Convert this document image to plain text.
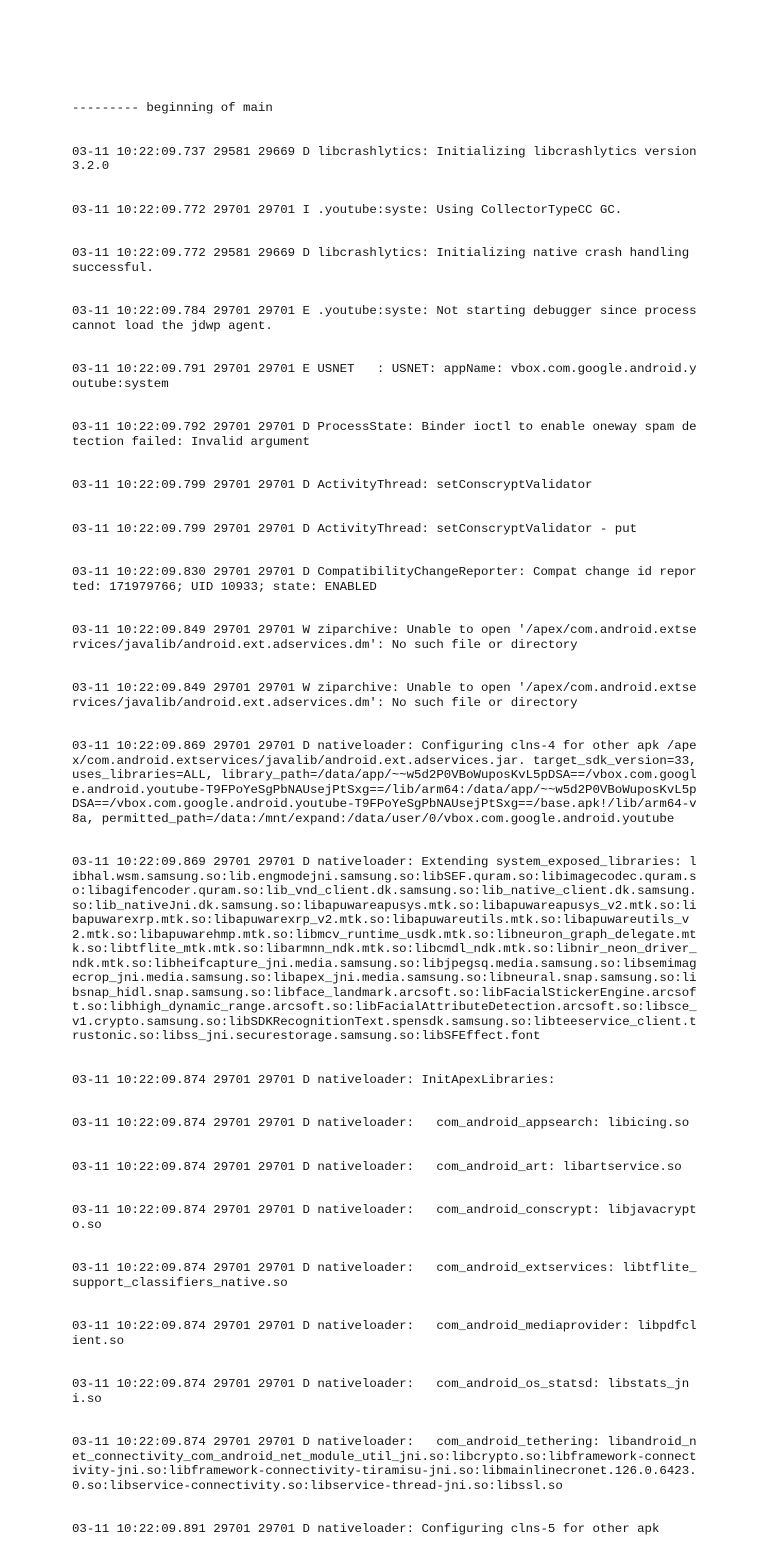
--------- beginning of main

03-11 10:22:09.737 29581 29669 D libcrashlytics: Initializing libcrashlytics version 3.2.0

03-11 10:22:09.772 29701 29701 I .youtube:syste: Using CollectorTypeCC GC.

03-11 10:22:09.772 29581 29669 D libcrashlytics: Initializing native crash handling successful.

03-11 10:22:09.784 29701 29701 E .youtube:syste: Not starting debugger since process cannot load the jdwp agent.

03-11 10:22:09.791 29701 29701 E USNET   : USNET: appName: vbox.com.google.android.youtube:system

03-11 10:22:09.792 29701 29701 D ProcessState: Binder ioctl to enable oneway spam detection failed: Invalid argument

03-11 10:22:09.799 29701 29701 D ActivityThread: setConscryptValidator

03-11 10:22:09.799 29701 29701 D ActivityThread: setConscryptValidator - put

03-11 10:22:09.830 29701 29701 D CompatibilityChangeReporter: Compat change id reported: 171979766; UID 10933; state: ENABLED

03-11 10:22:09.849 29701 29701 W ziparchive: Unable to open '/apex/com.android.extservices/javalib/android.ext.adservices.dm': No such file or directory

03-11 10:22:09.849 29701 29701 W ziparchive: Unable to open '/apex/com.android.extservices/javalib/android.ext.adservices.dm': No such file or directory

03-11 10:22:09.869 29701 29701 D nativeloader: Configuring clns-4 for other apk /apex/com.android.extservices/javalib/android.ext.adservices.jar. target_sdk_version=33, uses_libraries=ALL, library_path=/data/app/~~w5d2P0VBoWuposKvL5pDSA==/vbox.com.google.android.youtube-T9FPoYeSgPbNAUsejPtSxg==/lib/arm64:/data/app/~~w5d2P0VBoWuposKvL5pDSA==/vbox.com.google.android.youtube-T9FPoYeSgPbNAUsejPtSxg==/base.apk!/lib/arm64-v8a, permitted_path=/data:/mnt/expand:/data/user/0/vbox.com.google.android.youtube

03-11 10:22:09.869 29701 29701 D nativeloader: Extending system_exposed_libraries: libhal.wsm.samsung.so:lib.engmodejni.samsung.so:libSEF.quram.so:libimagecodec.quram.so:libagifencoder.quram.so:lib_vnd_client.dk.samsung.so:lib_native_client.dk.samsung.so:lib_nativeJni.dk.samsung.so:libapuwareapusys.mtk.so:libapuwareapusys_v2.mtk.so:libapuwarexrp.mtk.so:libapuwarexrp_v2.mtk.so:libapuwareutils.mtk.so:libapuwareutils_v2.mtk.so:libapuwarehmp.mtk.so:libmcv_runtime_usdk.mtk.so:libneuron_graph_delegate.mtk.so:libtflite_mtk.mtk.so:libarmnn_ndk.mtk.so:libcmdl_ndk.mtk.so:libnir_neon_driver_ndk.mtk.so:libheifcapture_jni.media.samsung.so:libjpegsq.media.samsung.so:libsemimagecrop_jni.media.samsung.so:libapex_jni.media.samsung.so:libneural.snap.samsung.so:libsnap_hidl.snap.samsung.so:libface_landmark.arcsoft.so:libFacialStickerEngine.arcsoft.so:libhigh_dynamic_range.arcsoft.so:libFacialAttributeDetection.arcsoft.so:libsce_v1.crypto.samsung.so:libSDKRecognitionText.spensdk.samsung.so:libteeservice_client.trustonic.so:libss_jni.securestorage.samsung.so:libSFEffect.font

03-11 10:22:09.874 29701 29701 D nativeloader: InitApexLibraries:

03-11 10:22:09.874 29701 29701 D nativeloader:   com_android_appsearch: libicing.so

03-11 10:22:09.874 29701 29701 D nativeloader:   com_android_art: libartservice.so

03-11 10:22:09.874 29701 29701 D nativeloader:   com_android_conscrypt: libjavacrypto.so

03-11 10:22:09.874 29701 29701 D nativeloader:   com_android_extservices: libtflite_support_classifiers_native.so

03-11 10:22:09.874 29701 29701 D nativeloader:   com_android_mediaprovider: libpdfclient.so

03-11 10:22:09.874 29701 29701 D nativeloader:   com_android_os_statsd: libstats_jni.so

03-11 10:22:09.874 29701 29701 D nativeloader:   com_android_tethering: libandroid_net_connectivity_com_android_net_module_util_jni.so:libcrypto.so:libframework-connectivity-jni.so:libframework-connectivity-tiramisu-jni.so:libmainlinecronet.126.0.6423.0.so:libservice-connectivity.so:libservice-thread-jni.so:libssl.so

03-11 10:22:09.891 29701 29701 D nativeloader: Configuring clns-5 for other apk
